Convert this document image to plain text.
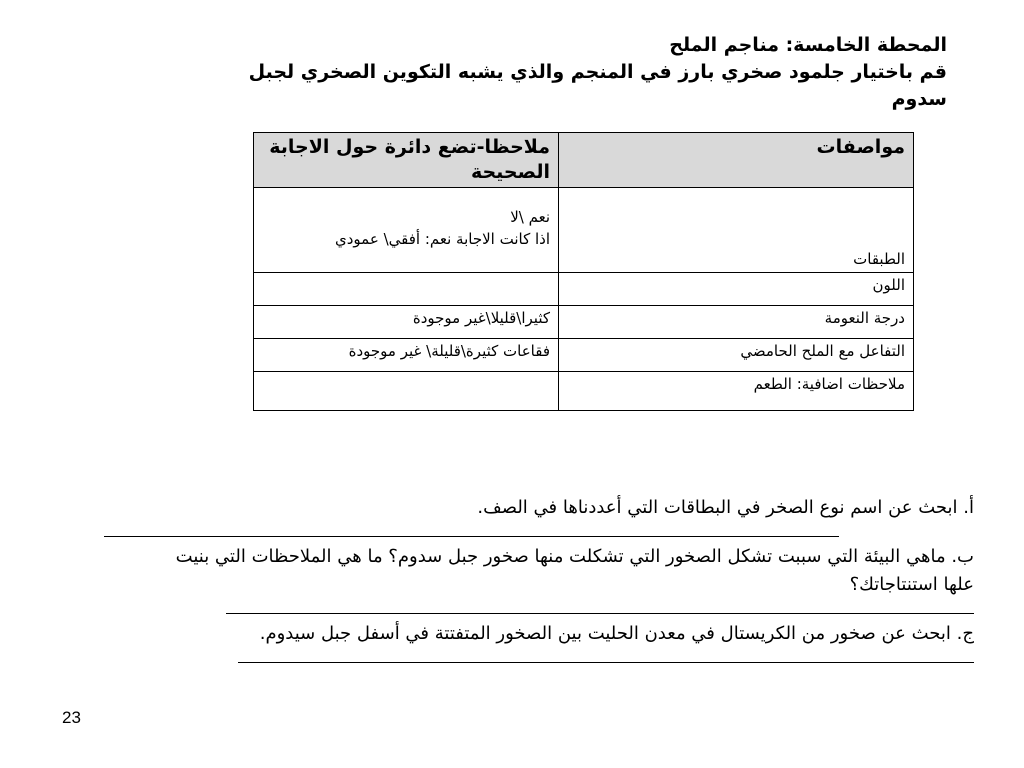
المحطة الخامسة: مناجم الملح
قم باختيار جلمود صخري بارز في المنجم والذي يشبه التكوين الصخري لجبل سدوم
مواصفات	ملاحظا-تضع دائرة حول الاجابة الصحيحة
الطبقات	نعم \لا
اذا كانت الاجابة نعم: أفقي\ عمودي

اللون	
درجة النعومة	كثيرا\قليلا\غير موجودة
التفاعل مع الملح الحامضي	فقاعات كثيرة\قليلة\ غير موجودة
ملاحظات اضافية: الطعم	

أ. ابحث عن اسم نوع الصخر في البطاقات التي أعددناها في الصف.

ب. ماهي البيئة التي سببت تشكل الصخور التي تشكلت منها صخور جبل سدوم؟ ما هي الملاحظات التي بنيت علها استنتاجاتك؟

ج. ابحث عن صخور من الكريستال في معدن الحليت بين الصخور المتفتتة في أسفل جبل سيدوم.

23
